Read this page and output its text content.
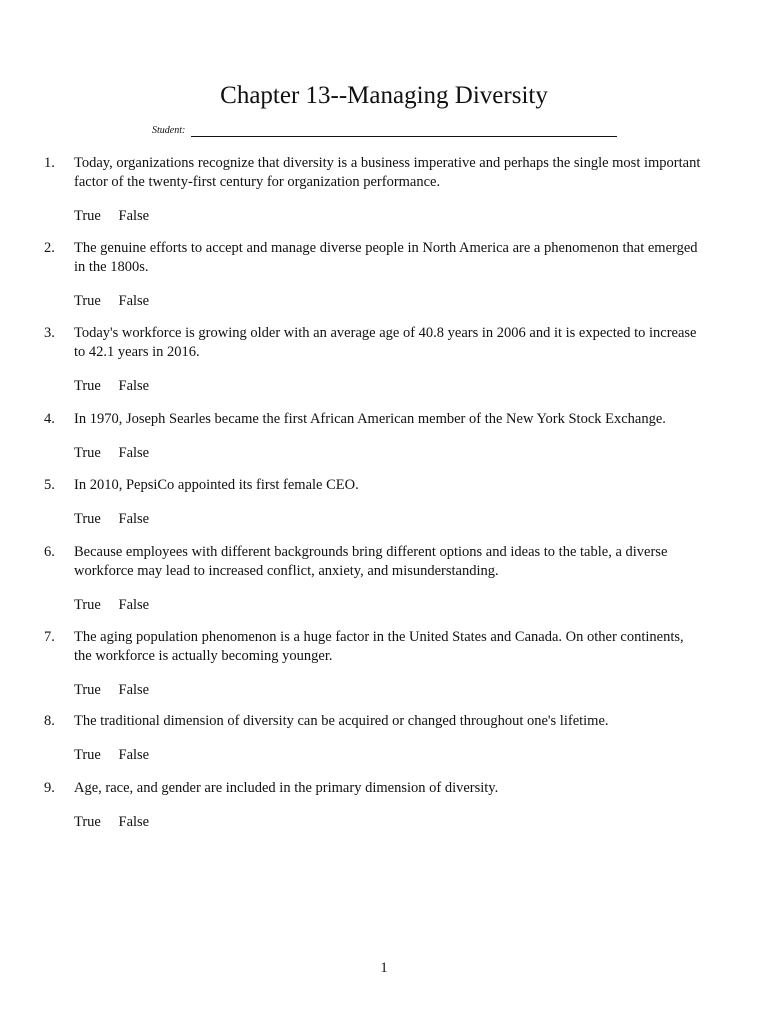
Chapter 13--Managing Diversity
Student:
1.	Today, organizations recognize that diversity is a business imperative and perhaps the single most important factor of the twenty-first century for organization performance.
True False
2.	The genuine efforts to accept and manage diverse people in North America are a phenomenon that emerged in the 1800s.
True False
3.	Today's workforce is growing older with an average age of 40.8 years in 2006 and it is expected to increase to 42.1 years in 2016.
True False
4.	In 1970, Joseph Searles became the first African American member of the New York Stock Exchange.
True False
5.	In 2010, PepsiCo appointed its first female CEO.
True False
6.	Because employees with different backgrounds bring different options and ideas to the table, a diverse workforce may lead to increased conflict, anxiety, and misunderstanding.
True False
7.	The aging population phenomenon is a huge factor in the United States and Canada. On other continents, the workforce is actually becoming younger.
True False
8.	The traditional dimension of diversity can be acquired or changed throughout one's lifetime.
True False
9.	Age, race, and gender are included in the primary dimension of diversity.
True False
1
